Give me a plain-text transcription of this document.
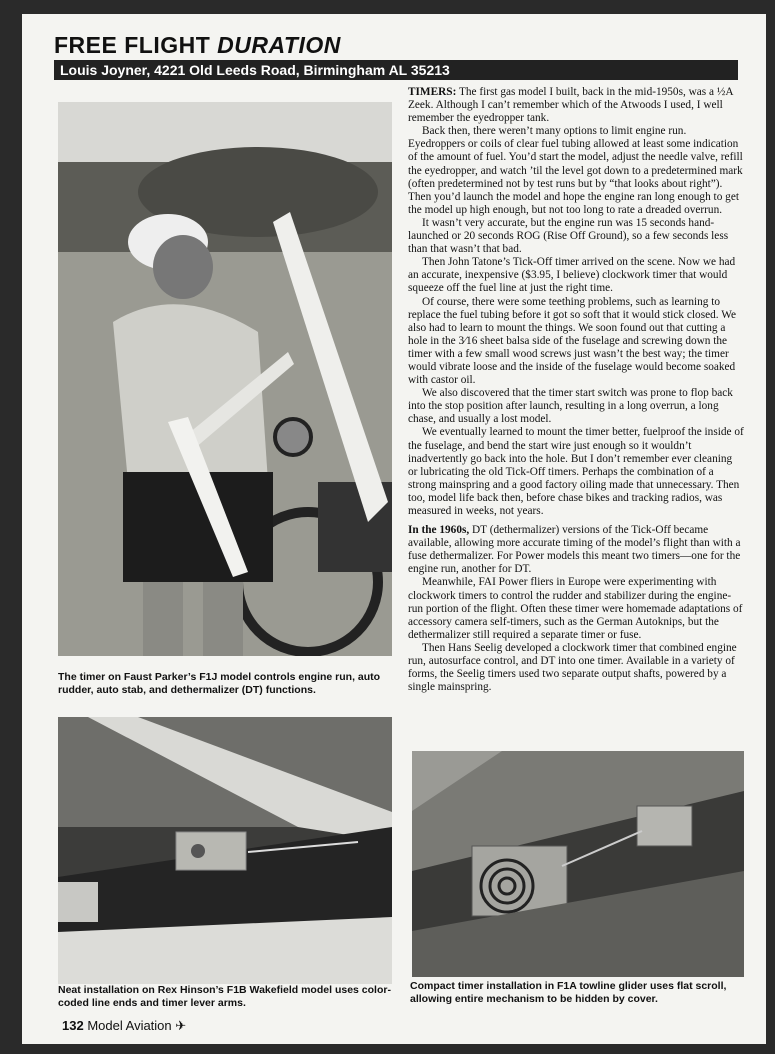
FREE FLIGHT DURATION
Louis Joyner, 4221 Old Leeds Road, Birmingham AL 35213
The timer on Faust Parker’s F1J model controls engine run, auto rudder, auto stab, and dethermalizer (DT) functions.
Neat installation on Rex Hinson’s F1B Wakefield model uses color-coded line ends and timer lever arms.
Compact timer installation in F1A towline glider uses flat scroll, allowing entire mechanism to be hidden by cover.

TIMERS: The first gas model I built, back in the mid-1950s, was a ½A Zeek. Although I can’t remember which of the Atwoods I used, I well remember the eyedropper tank.

Back then, there weren’t many options to limit engine run. Eyedroppers or coils of clear fuel tubing allowed at least some indication of the amount of fuel. You’d start the model, adjust the needle valve, refill the eyedropper, and watch ’til the level got down to a predetermined mark (often predetermined not by test runs but by “that looks about right”). Then you’d launch the model and hope the engine ran long enough to get the model up high enough, but not too long to rate a dreaded overrun.

It wasn’t very accurate, but the engine run was 15 seconds hand-launched or 20 seconds ROG (Rise Off Ground), so a few seconds less than that wasn’t that bad.

Then John Tatone’s Tick-Off timer arrived on the scene. Now we had an accurate, inexpensive ($3.95, I believe) clockwork timer that would squeeze off the fuel line at just the right time.

Of course, there were some teething problems, such as learning to replace the fuel tubing before it got so soft that it would stick closed. We also had to learn to mount the things. We soon found out that cutting a hole in the 3⁄16 sheet balsa side of the fuselage and screwing down the timer with a few small wood screws just wasn’t the best way; the timer would vibrate loose and the inside of the fuselage would become soaked with castor oil.

We also discovered that the timer start switch was prone to flop back into the stop position after launch, resulting in a long overrun, a long chase, and usually a lost model.

We eventually learned to mount the timer better, fuelproof the inside of the fuselage, and bend the start wire just enough so it wouldn’t inadvertently go back into the hole. But I don’t remember ever cleaning or lubricating the old Tick-Off timers. Perhaps the combination of a strong mainspring and a good factory oiling made that unnecessary. Then too, model life back then, before chase bikes and tracking radios, was measured in weeks, not years.

In the 1960s, DT (dethermalizer) versions of the Tick-Off became available, allowing more accurate timing of the model’s flight than with a fuse dethermalizer. For Power models this meant two timers—one for the engine run, another for DT.

Meanwhile, FAI Power fliers in Europe were experimenting with clockwork timers to control the rudder and stabilizer during the engine-run portion of the flight. Often these timer were homemade adaptations of accessory camera self-timers, such as the German Autoknips, but the dethermalizer still required a separate timer or fuse.

Then Hans Seelig developed a clockwork timer that combined engine run, autosurface control, and DT into one timer. Available in a variety of forms, the Seelig timers used two separate output shafts, powered by a single mainspring.

132 Model Aviation ✈
